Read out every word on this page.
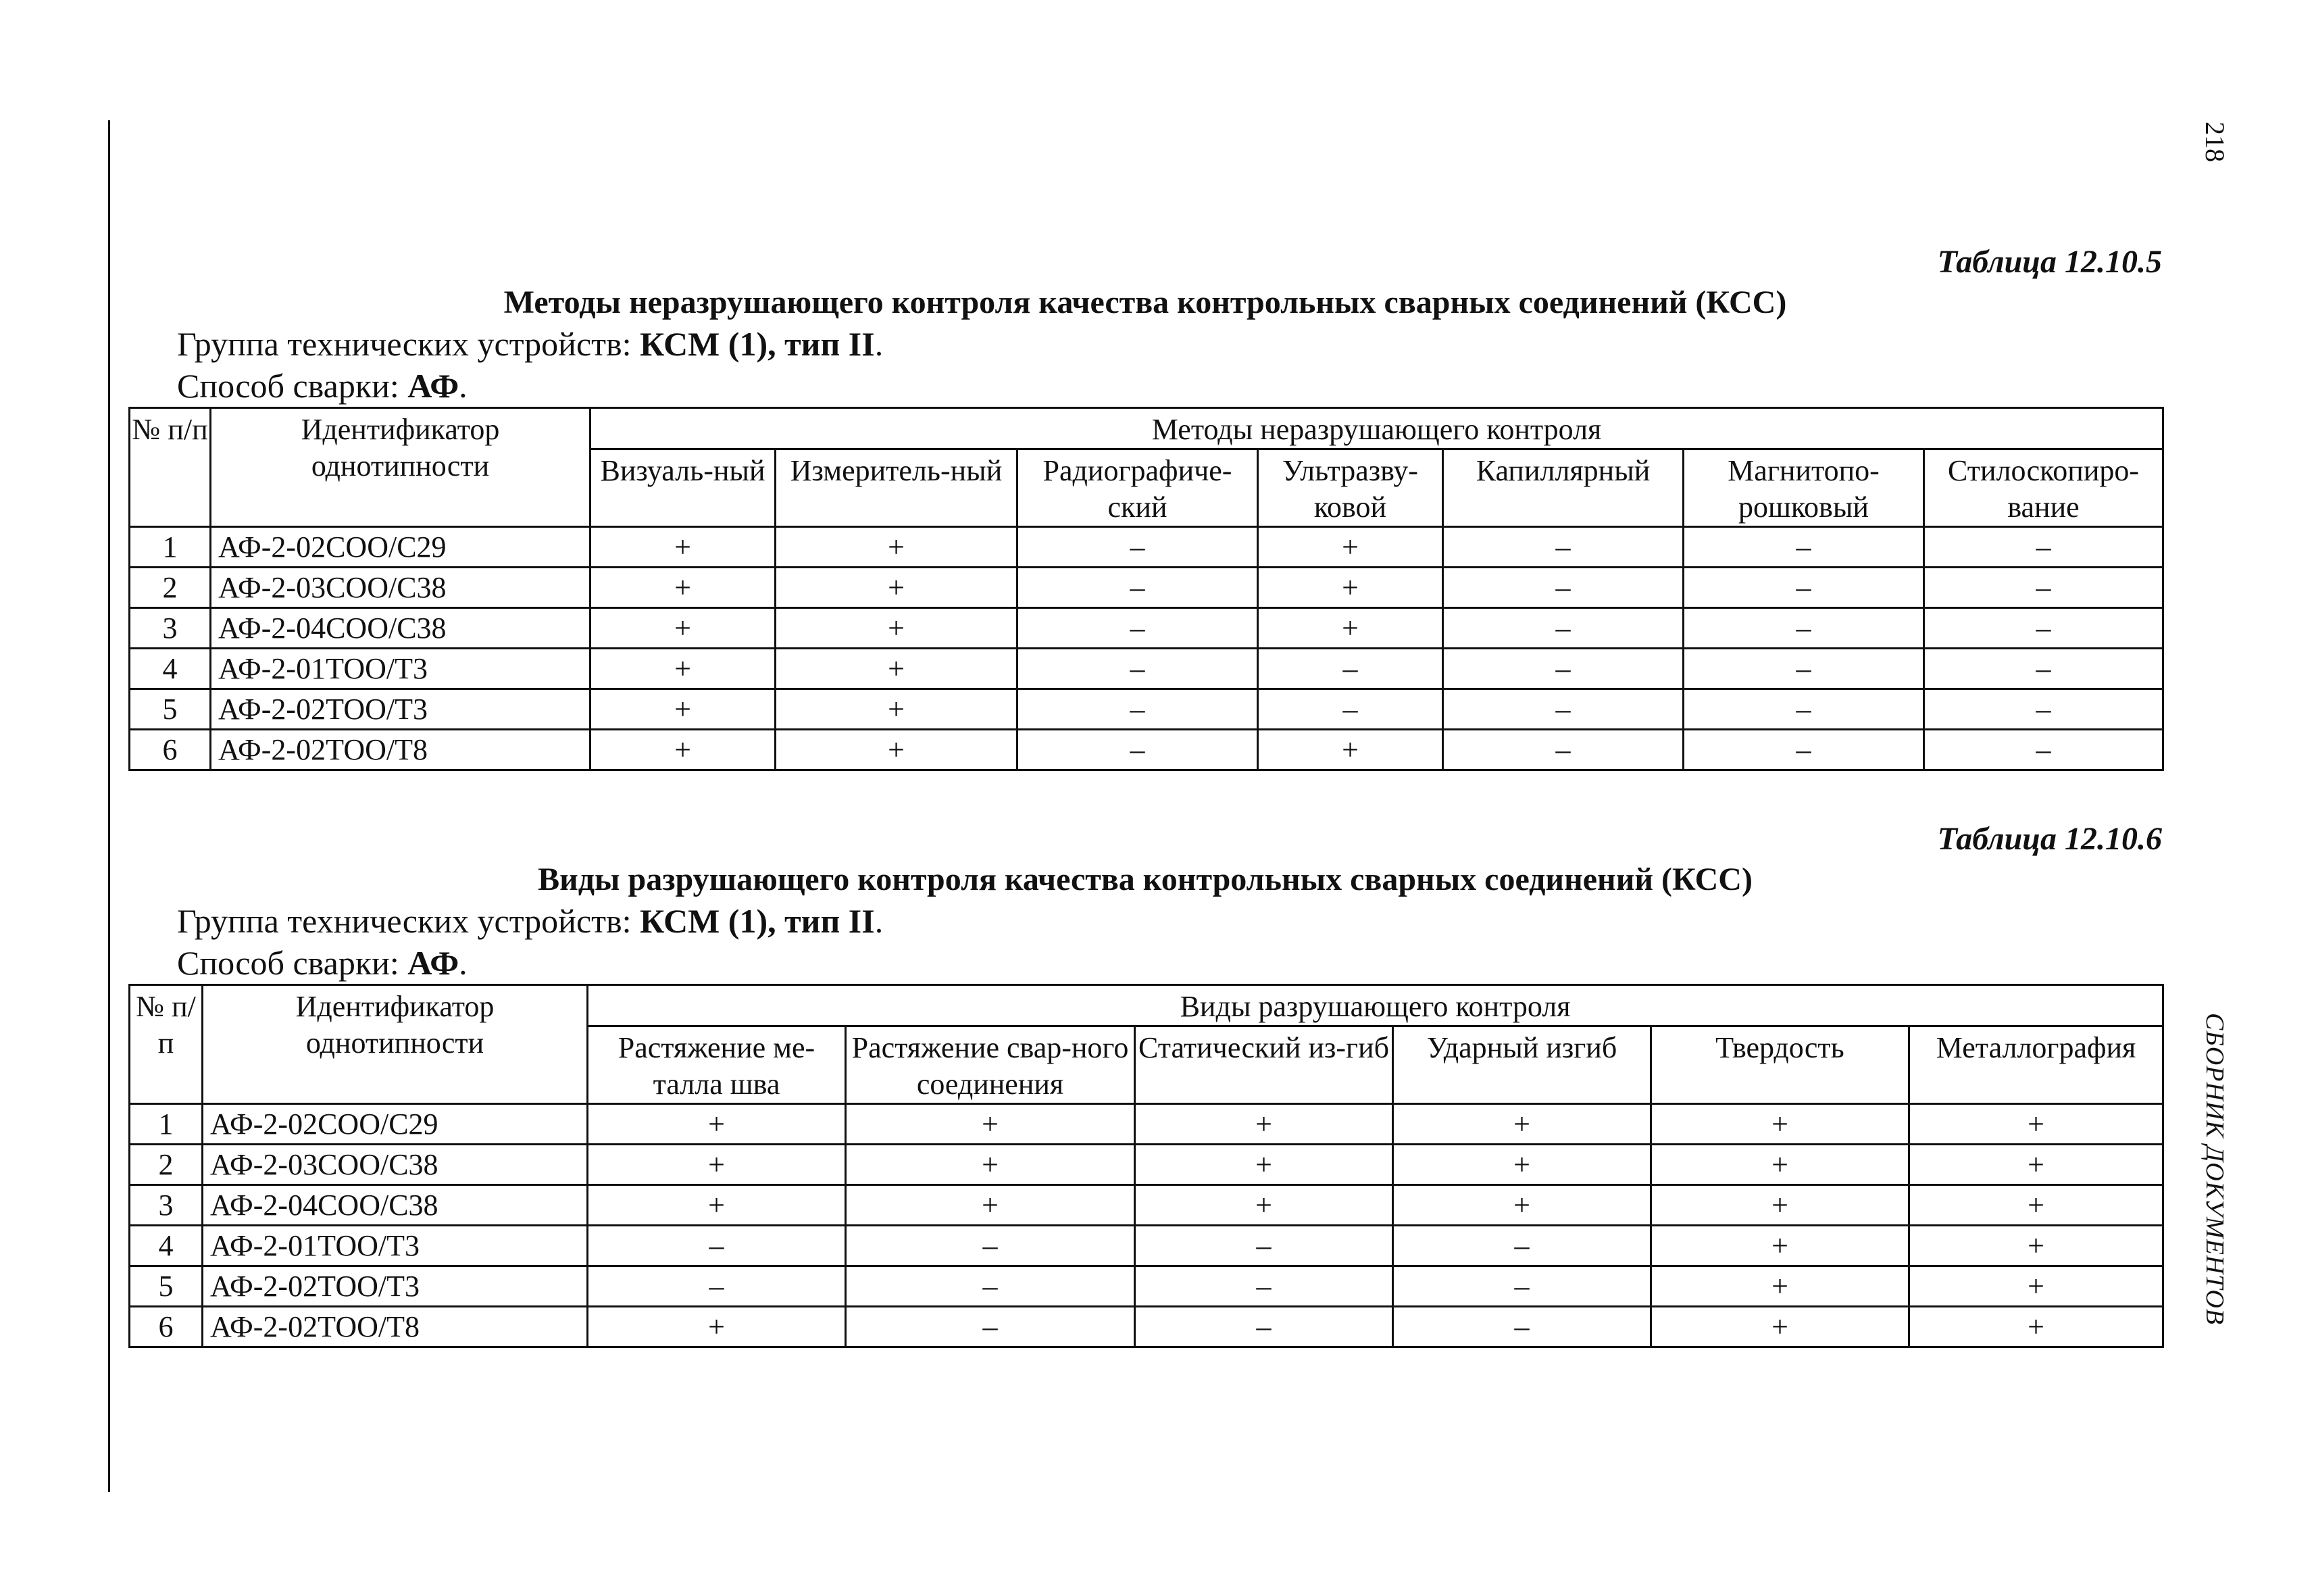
218
СБОРНИК ДОКУМЕНТОВ
Таблица 12.10.5
Методы неразрушающего контроля качества контрольных сварных соединений (КСС)
Группа технических устройств: КСМ (1), тип II.
Способ сварки: АФ.
№ п/п	Идентификатор однотипности	Методы неразрушающего контроля						
		Визуаль-ный	Измеритель-ный	Радиографиче-ский	Ультразву-ковой	Капиллярный	Магнитопо-рошковый	Стилоскопиро-вание
1	АФ-2-02СОО/С29	+	+	–	+	–	–	–
2	АФ-2-03СОО/С38	+	+	–	+	–	–	–
3	АФ-2-04СОО/С38	+	+	–	+	–	–	–
4	АФ-2-01ТОО/Т3	+	+	–	–	–	–	–
5	АФ-2-02ТОО/Т3	+	+	–	–	–	–	–
6	АФ-2-02ТОО/Т8	+	+	–	+	–	–	–
Таблица 12.10.6
Виды разрушающего контроля качества контрольных сварных соединений (КСС)
Группа технических устройств: КСМ (1), тип II.
Способ сварки: АФ.
№ п/п	Идентификатор однотипности	Виды разрушающего контроля					
		Растяжение ме-талла шва	Растяжение свар-ного соединения	Статический из-гиб	Ударный изгиб	Твердость	Металлография
1	АФ-2-02СОО/С29	+	+	+	+	+	+
2	АФ-2-03СОО/С38	+	+	+	+	+	+
3	АФ-2-04СОО/С38	+	+	+	+	+	+
4	АФ-2-01ТОО/Т3	–	–	–	–	+	+
5	АФ-2-02ТОО/Т3	–	–	–	–	+	+
6	АФ-2-02ТОО/Т8	+	–	–	–	+	+
